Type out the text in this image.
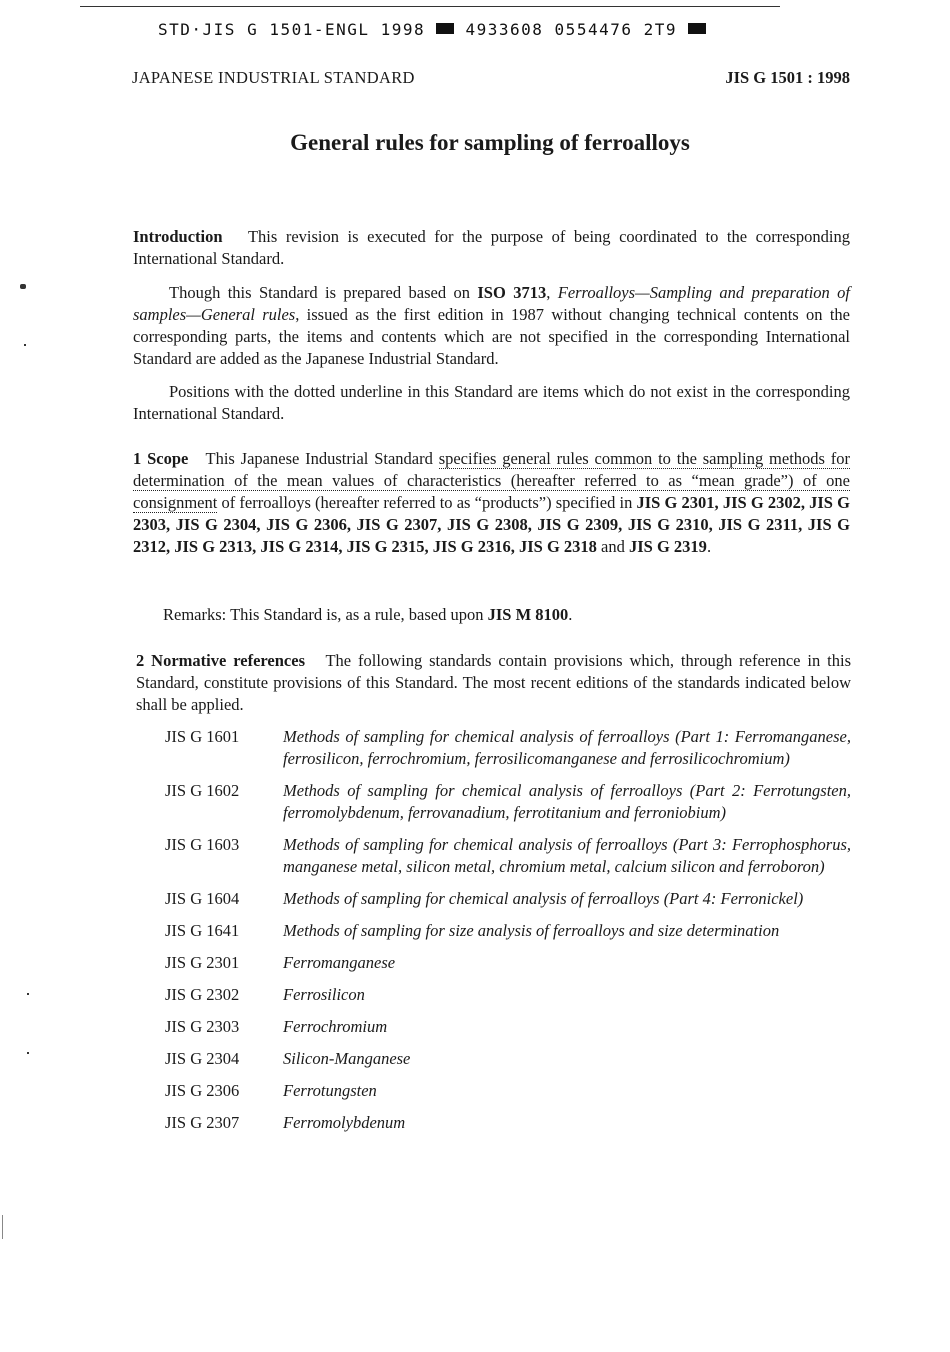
STD·JIS G 1501-ENGL 1998	4933608 0554476 2T9
JAPANESE INDUSTRIAL STANDARD	JIS G 1501 : 1998
General rules for sampling of ferroalloys
Introduction This revision is executed for the purpose of being coordinated to the corresponding International Standard.
Though this Standard is prepared based on ISO 3713, Ferroalloys—Sampling and preparation of samples—General rules, issued as the first edition in 1987 without changing technical contents on the corresponding parts, the items and contents which are not specified in the corresponding International Standard are added as the Japanese Industrial Standard.
Positions with the dotted underline in this Standard are items which do not exist in the corresponding International Standard.
1 Scope This Japanese Industrial Standard specifies general rules common to the sampling methods for determination of the mean values of characteristics (hereafter referred to as “mean grade”) of one consignment of ferroalloys (hereafter referred to as “products”) specified in JIS G 2301, JIS G 2302, JIS G 2303, JIS G 2304, JIS G 2306, JIS G 2307, JIS G 2308, JIS G 2309, JIS G 2310, JIS G 2311, JIS G 2312, JIS G 2313, JIS G 2314, JIS G 2315, JIS G 2316, JIS G 2318 and JIS G 2319.
Remarks: This Standard is, as a rule, based upon JIS M 8100.
2 Normative references The following standards contain provisions which, through reference in this Standard, constitute provisions of this Standard. The most recent editions of the standards indicated below shall be applied.
JIS G 1601	Methods of sampling for chemical analysis of ferroalloys (Part 1: Ferromanganese, ferrosilicon, ferrochromium, ferrosilicomanganese and ferrosilicochromium)
JIS G 1602	Methods of sampling for chemical analysis of ferroalloys (Part 2: Ferrotungsten, ferromolybdenum, ferrovanadium, ferrotitanium and ferroniobium)
JIS G 1603	Methods of sampling for chemical analysis of ferroalloys (Part 3: Ferrophosphorus, manganese metal, silicon metal, chromium metal, calcium silicon and ferroboron)
JIS G 1604	Methods of sampling for chemical analysis of ferroalloys (Part 4: Ferronickel)
JIS G 1641	Methods of sampling for size analysis of ferroalloys and size determination
JIS G 2301	Ferromanganese
JIS G 2302	Ferrosilicon
JIS G 2303	Ferrochromium
JIS G 2304	Silicon-Manganese
JIS G 2306	Ferrotungsten
JIS G 2307	Ferromolybdenum
